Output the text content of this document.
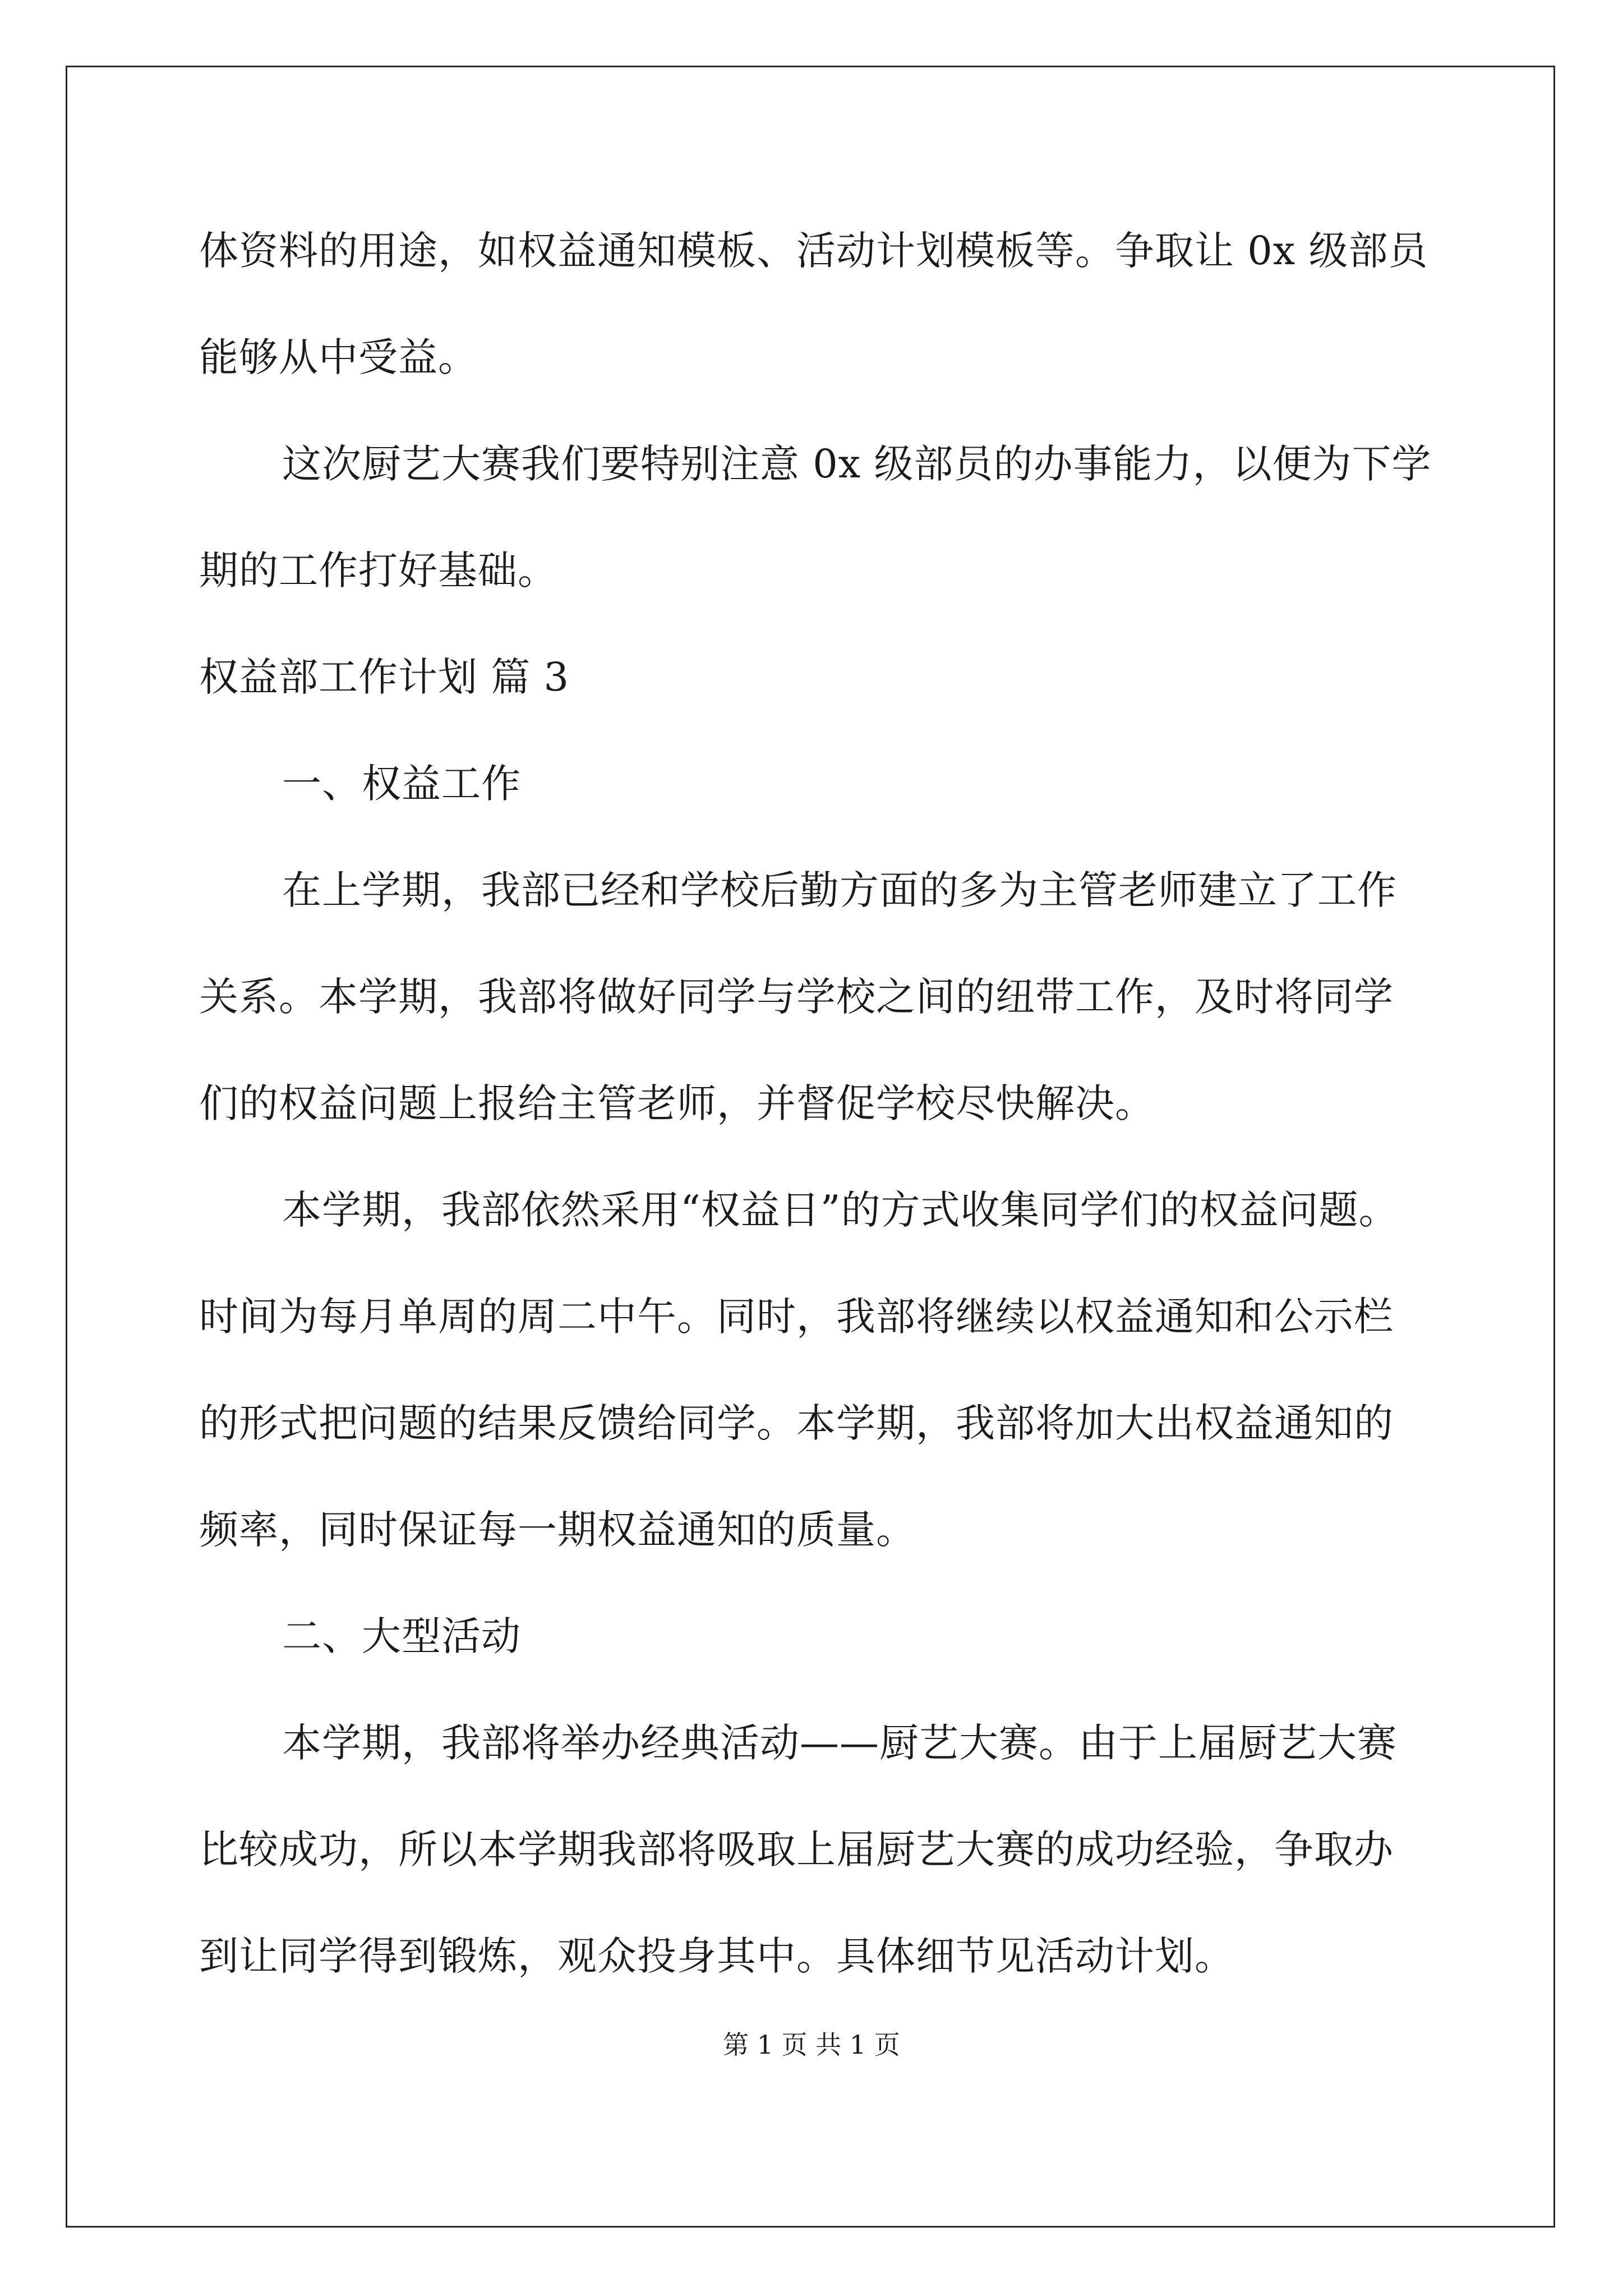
体资料的用途，如权益通知模板、活动计划模板等。争取让 0x 级部员
能够从中受益。
这次厨艺大赛我们要特别注意 0x 级部员的办事能力，以便为下学
期的工作打好基础。
权益部工作计划 篇 3
一、权益工作
在上学期，我部已经和学校后勤方面的多为主管老师建立了工作
关系。本学期，我部将做好同学与学校之间的纽带工作，及时将同学
们的权益问题上报给主管老师，并督促学校尽快解决。
本学期，我部依然采用“权益日”的方式收集同学们的权益问题。
时间为每月单周的周二中午。同时，我部将继续以权益通知和公示栏
的形式把问题的结果反馈给同学。本学期，我部将加大出权益通知的
频率，同时保证每一期权益通知的质量。
二、大型活动
本学期，我部将举办经典活动——厨艺大赛。由于上届厨艺大赛
比较成功，所以本学期我部将吸取上届厨艺大赛的成功经验，争取办
到让同学得到锻炼，观众投身其中。具体细节见活动计划。
第 1 页 共 1 页
